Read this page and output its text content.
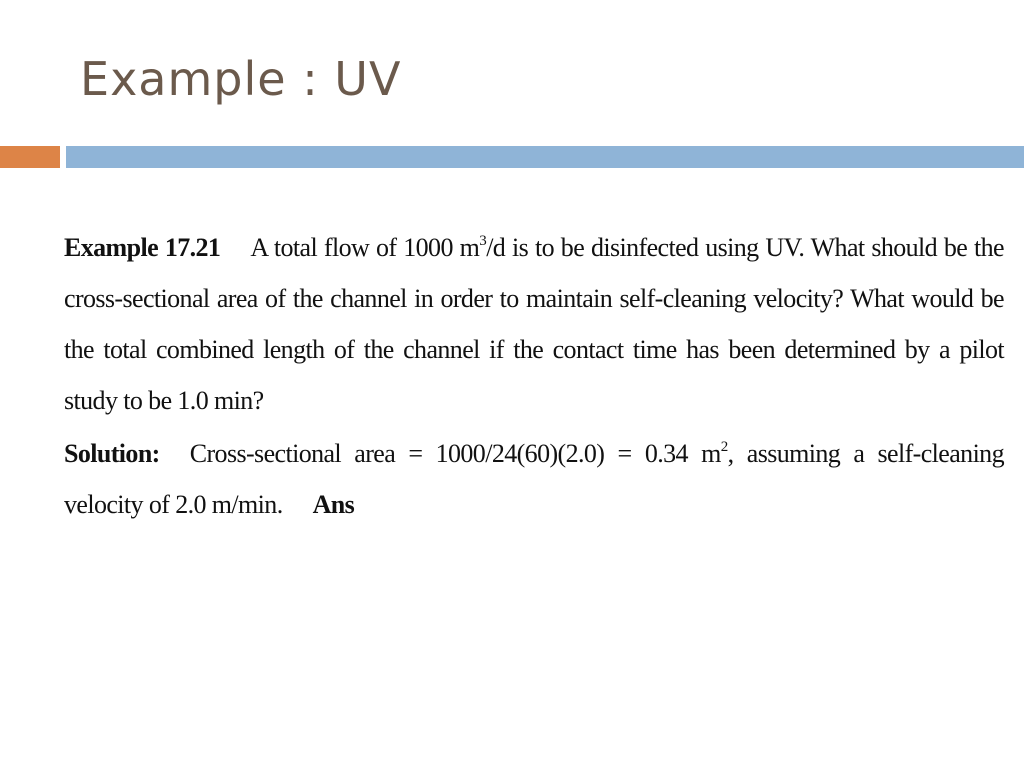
Example : UV

Example 17.21 A total flow of 1000 $m^3/d$ is to be disinfected using UV. What should be the cross-sectional area of the channel in order to maintain self-cleaning velocity? What would be the total combined length of the channel if the contact time has been determined by a pilot study to be 1.0 min?

Solution: Cross-sectional area = 1000/24(60)(2.0) = 0.34 $m^2$, assuming a self-cleaning velocity of 2.0 m/min. Ans
